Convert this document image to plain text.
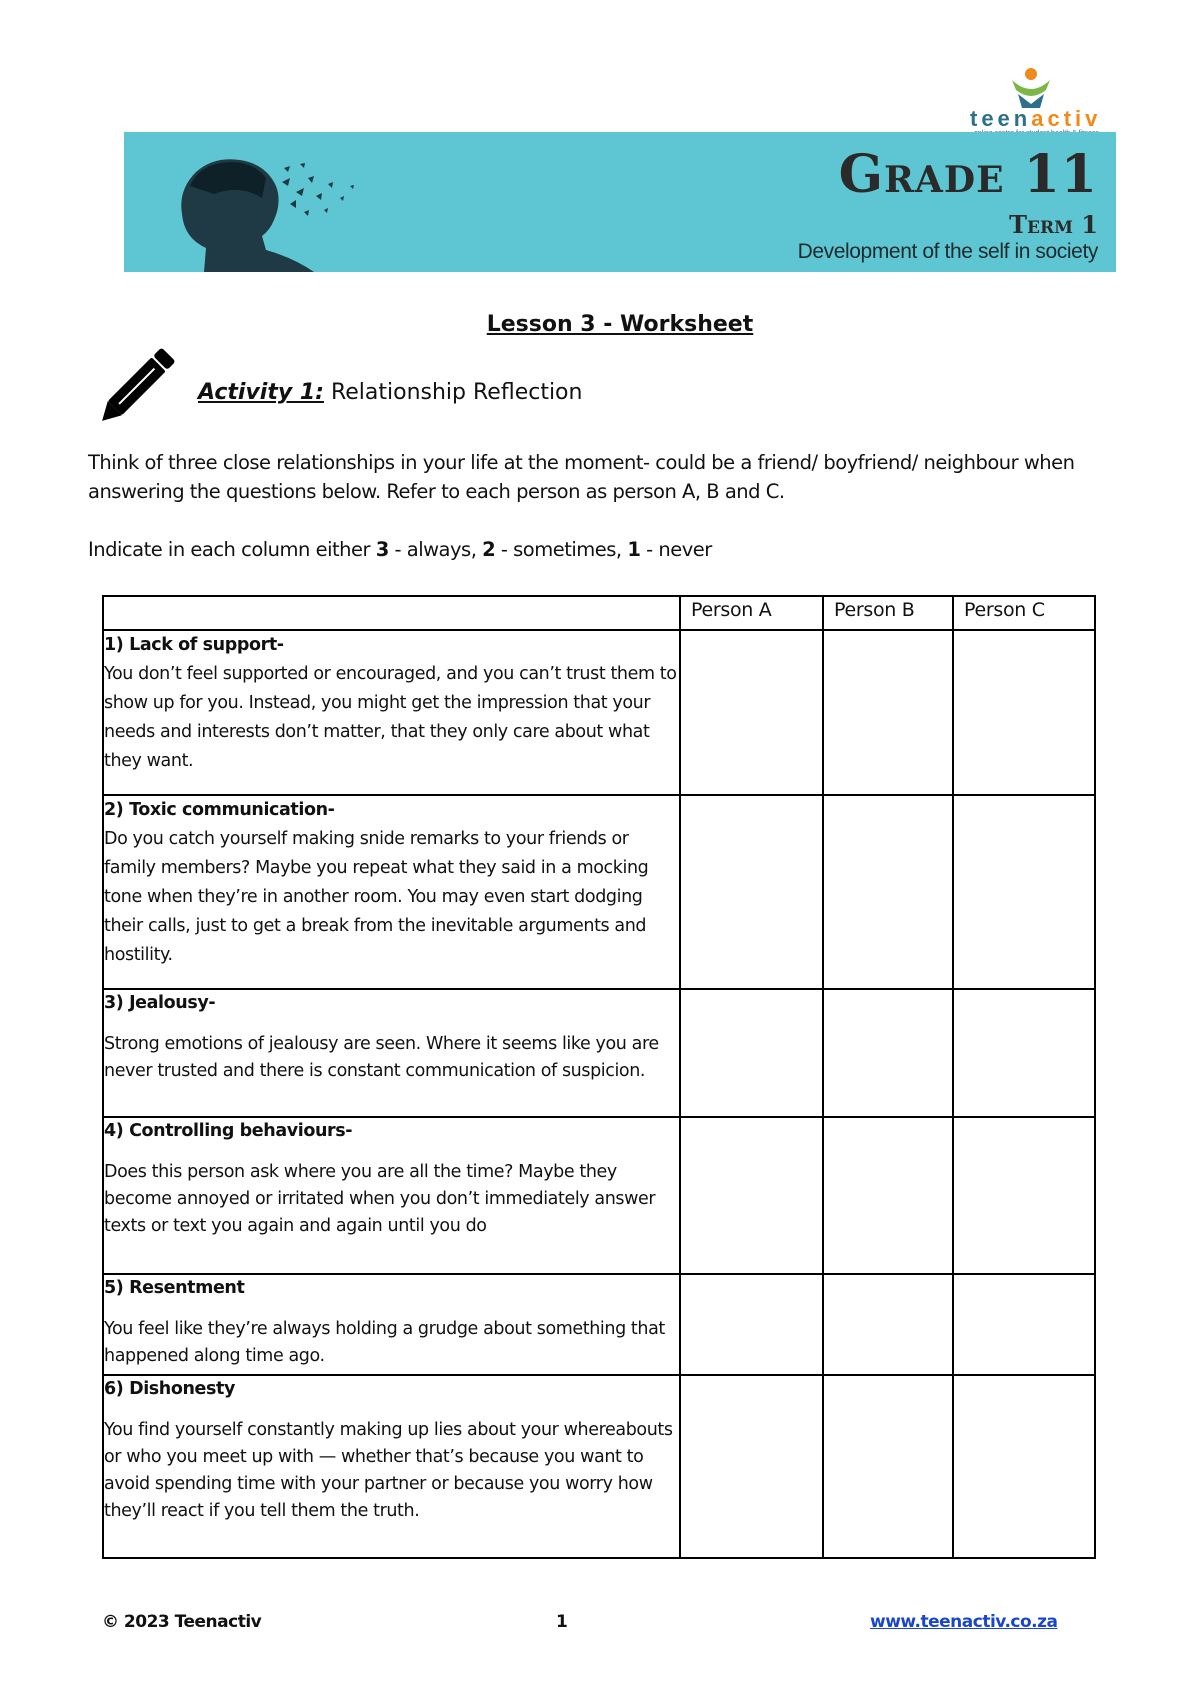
teenactiv
Grade 11
Term 1
Development of the self in society
Lesson 3 - Worksheet
Activity 1: Relationship Reflection
Think of three close relationships in your life at the moment- could be a friend/ boyfriend/ neighbour when answering the questions below. Refer to each person as person A, B and C.
Indicate in each column either 3 - always, 2 - sometimes, 1 - never
	Person A	Person B	Person C

1) Lack of support-
You don’t feel supported or encouraged, and you can’t trust them to show up for you. Instead, you might get the impression that your needs and interests don’t matter, that they only care about what they want.			

2) Toxic communication-
Do you catch yourself making snide remarks to your friends or family members? Maybe you repeat what they said in a mocking tone when they’re in another room. You may even start dodging their calls, just to get a break from the inevitable arguments and hostility.			

3) Jealousy-
Strong emotions of jealousy are seen. Where it seems like you are never trusted and there is constant communication of suspicion.			

4) Controlling behaviours-
Does this person ask where you are all the time? Maybe they become annoyed or irritated when you don’t immediately answer texts or text you again and again until you do			

5) Resentment
You feel like they’re always holding a grudge about something that happened along time ago.			

6) Dishonesty
You find yourself constantly making up lies about your whereabouts or who you meet up with — whether that’s because you want to avoid spending time with your partner or because you worry how they’ll react if you tell them the truth.			
© 2023 Teenactiv	1	www.teenactiv.co.za
